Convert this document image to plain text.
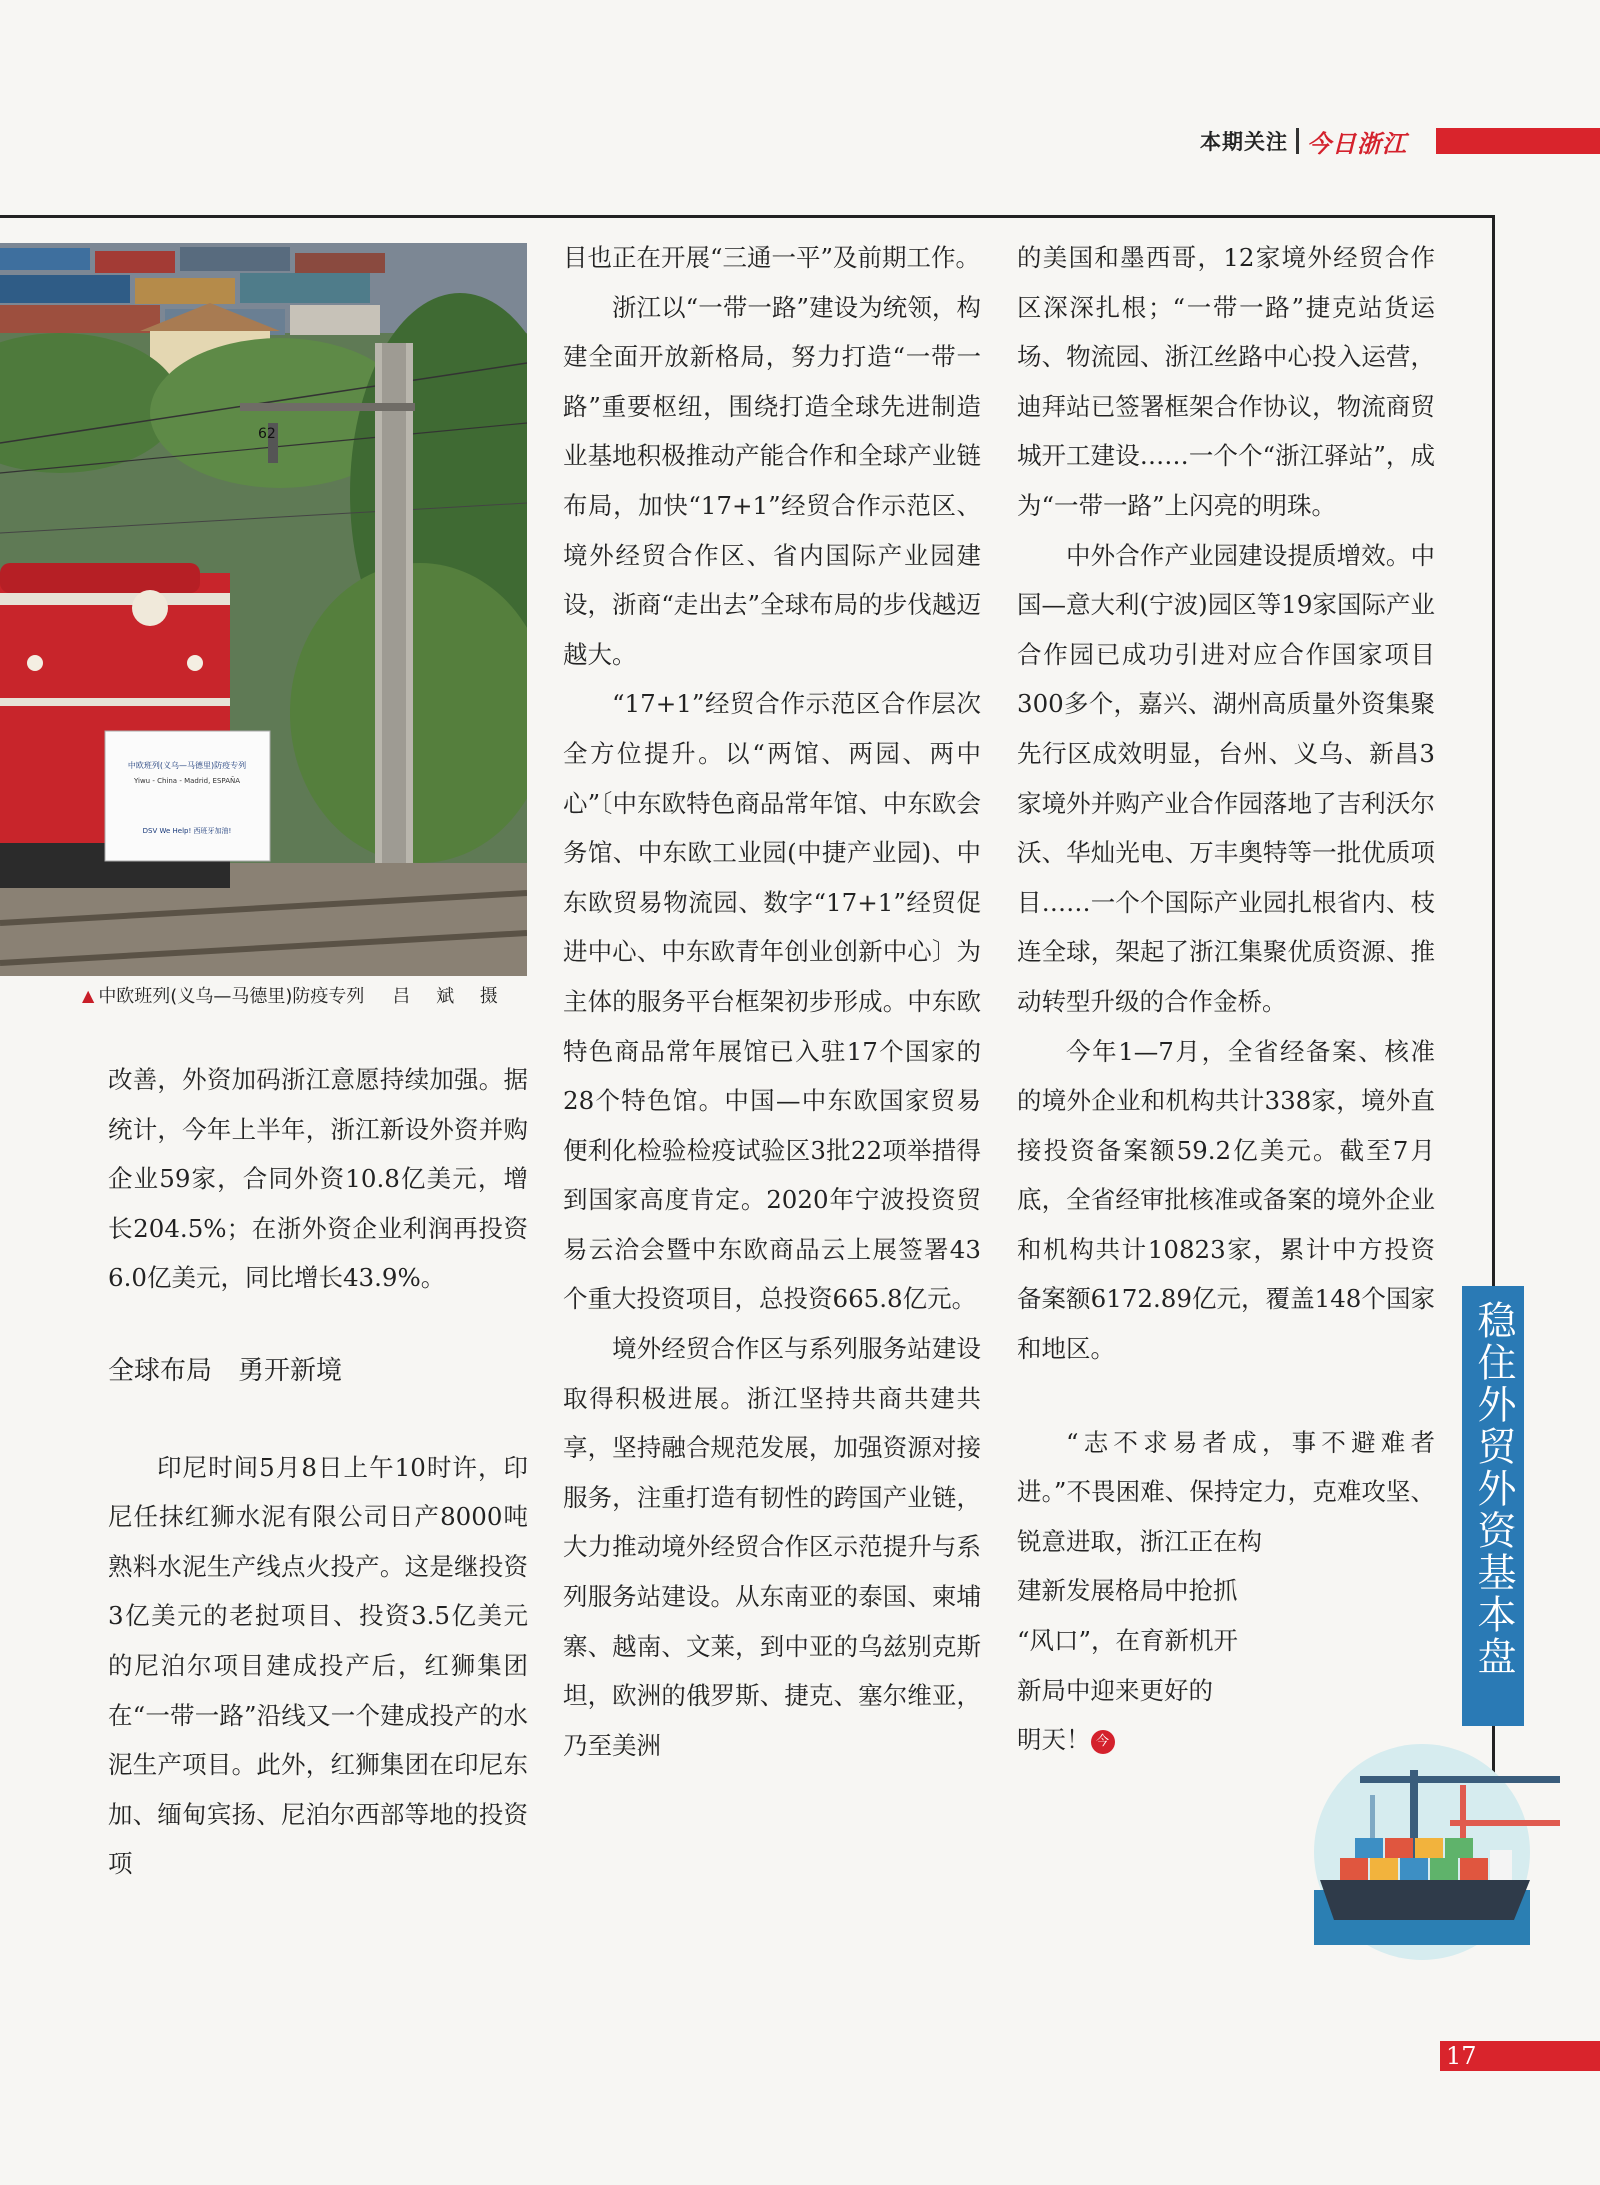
本期关注 今日浙江
62
中欧班列(义乌—马德里)防疫专列
Yiwu - China - Madrid, ESPAÑA
DSV We Help! 西班牙加油!
▲ 中欧班列(义乌—马德里)防疫专列 吕 斌 摄

改善，外资加码浙江意愿持续加强。据统计，今年上半年，浙江新设外资并购企业59家，合同外资10.8亿美元，增长204.5%；在浙外资企业利润再投资6.0亿美元，同比增长43.9%。

全球布局　勇开新境

印尼时间5月8日上午10时许，印尼任抹红狮水泥有限公司日产8000吨熟料水泥生产线点火投产。这是继投资3亿美元的老挝项目、投资3.5亿美元的尼泊尔项目建成投产后，红狮集团在“一带一路”沿线又一个建成投产的水泥生产项目。此外，红狮集团在印尼东加、缅甸宾扬、尼泊尔西部等地的投资项

目也正在开展“三通一平”及前期工作。

浙江以“一带一路”建设为统领，构建全面开放新格局，努力打造“一带一路”重要枢纽，围绕打造全球先进制造业基地积极推动产能合作和全球产业链布局，加快“17+1”经贸合作示范区、境外经贸合作区、省内国际产业园建设，浙商“走出去”全球布局的步伐越迈越大。

“17+1”经贸合作示范区合作层次全方位提升。以“两馆、两园、两中心”〔中东欧特色商品常年馆、中东欧会务馆、中东欧工业园(中捷产业园)、中东欧贸易物流园、数字“17+1”经贸促进中心、中东欧青年创业创新中心〕为主体的服务平台框架初步形成。中东欧特色商品常年展馆已入驻17个国家的28个特色馆。中国—中东欧国家贸易便利化检验检疫试验区3批22项举措得到国家高度肯定。2020年宁波投资贸易云洽会暨中东欧商品云上展签署43个重大投资项目，总投资665.8亿元。

境外经贸合作区与系列服务站建设取得积极进展。浙江坚持共商共建共享，坚持融合规范发展，加强资源对接服务，注重打造有韧性的跨国产业链，大力推动境外经贸合作区示范提升与系列服务站建设。从东南亚的泰国、柬埔寨、越南、文莱，到中亚的乌兹别克斯坦，欧洲的俄罗斯、捷克、塞尔维亚，乃至美洲

的美国和墨西哥，12家境外经贸合作区深深扎根；“一带一路”捷克站货运场、物流园、浙江丝路中心投入运营，迪拜站已签署框架合作协议，物流商贸城开工建设……一个个“浙江驿站”，成为“一带一路”上闪亮的明珠。

中外合作产业园建设提质增效。中国—意大利(宁波)园区等19家国际产业合作园已成功引进对应合作国家项目300多个，嘉兴、湖州高质量外资集聚先行区成效明显，台州、义乌、新昌3家境外并购产业合作园落地了吉利沃尔沃、华灿光电、万丰奥特等一批优质项目……一个个国际产业园扎根省内、枝连全球，架起了浙江集聚优质资源、推动转型升级的合作金桥。

今年1—7月，全省经备案、核准的境外企业和机构共计338家，境外直接投资备案额59.2亿美元。截至7月底，全省经审批核准或备案的境外企业和机构共计10823家，累计中方投资备案额6172.89亿元，覆盖148个国家和地区。

“志不求易者成，事不避难者进。”不畏困难、保持定力，克难攻坚、锐意进取，浙江正在构

建新发展格局中抢抓

“风口”，在育新机开

新局中迎来更好的

明天！ 今

稳住外贸外资基本盘
17
